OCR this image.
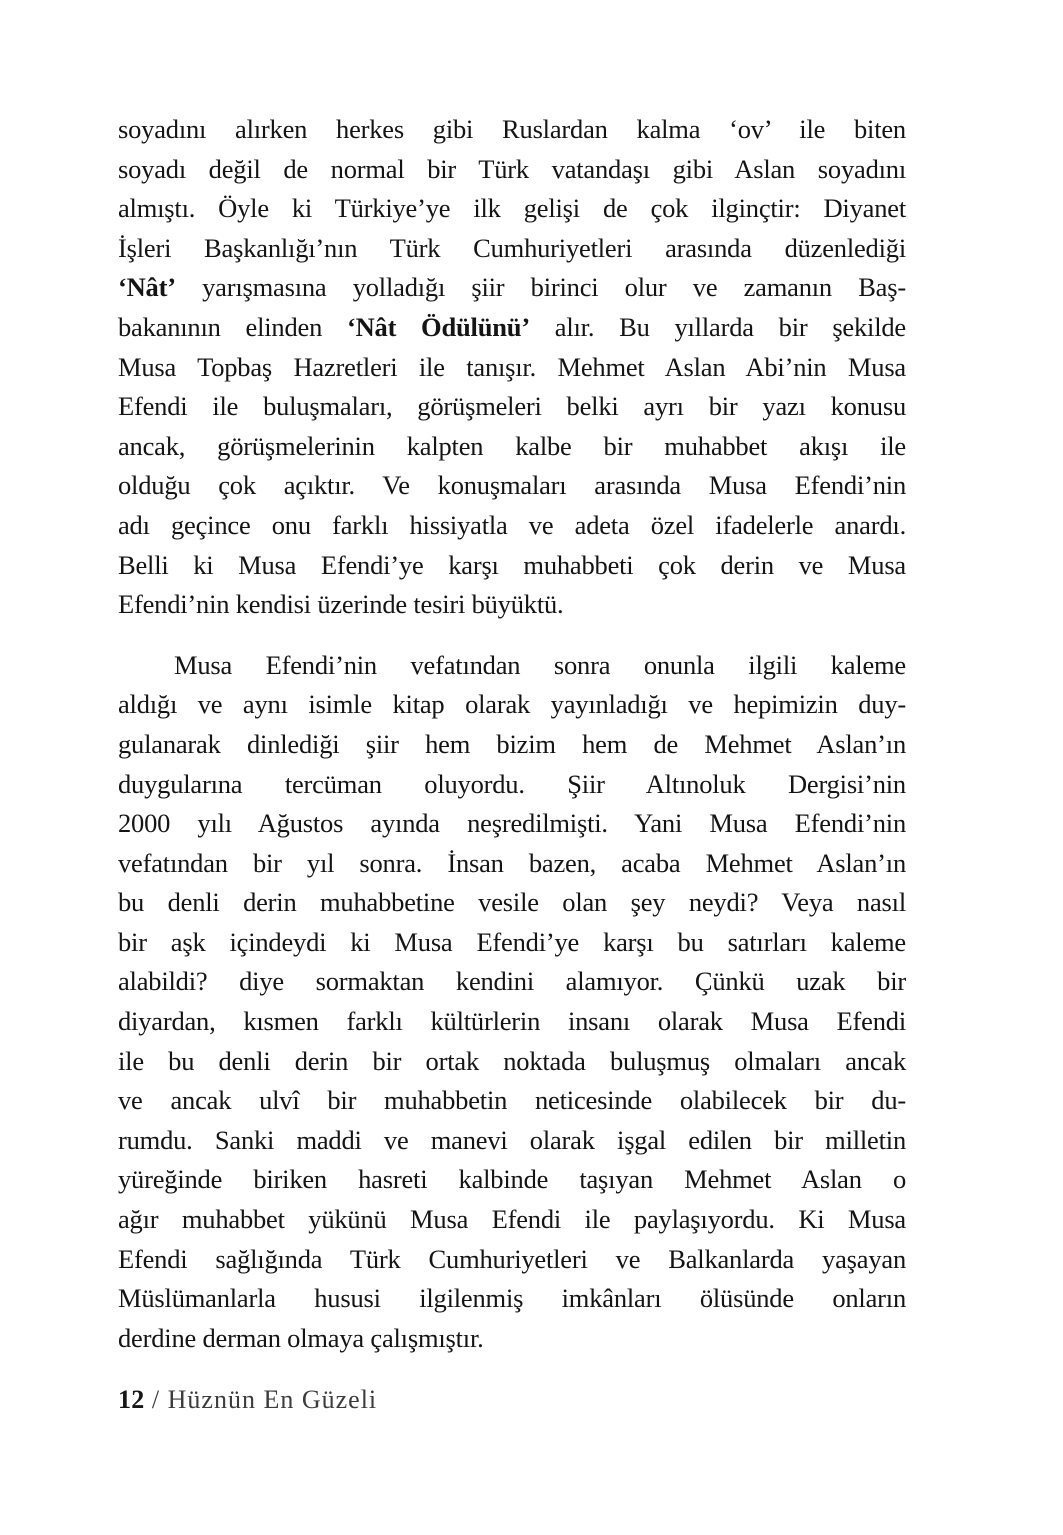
soyadını alırken herkes gibi Ruslardan kalma ‘ov’ ile biten
soyadı değil de normal bir Türk vatandaşı gibi Aslan soyadını
almıştı. Öyle ki Türkiye’ye ilk gelişi de çok ilginçtir: Diyanet
İşleri Başkanlığı’nın Türk Cumhuriyetleri arasında düzenlediği
‘Nât’ yarışmasına yolladığı şiir birinci olur ve zamanın Baş-
bakanının elinden ‘Nât Ödülünü’ alır. Bu yıllarda bir şekilde
Musa Topbaş Hazretleri ile tanışır. Mehmet Aslan Abi’nin Musa
Efendi ile buluşmaları, görüşmeleri belki ayrı bir yazı konusu
ancak, görüşmelerinin kalpten kalbe bir muhabbet akışı ile
olduğu çok açıktır. Ve konuşmaları arasında Musa Efendi’nin
adı geçince onu farklı hissiyatla ve adeta özel ifadelerle anardı.
Belli ki Musa Efendi’ye karşı muhabbeti çok derin ve Musa
Efendi’nin kendisi üzerinde tesiri büyüktü.
Musa Efendi’nin vefatından sonra onunla ilgili kaleme
aldığı ve aynı isimle kitap olarak yayınladığı ve hepimizin duy-
gulanarak dinlediği şiir hem bizim hem de Mehmet Aslan’ın
duygularına tercüman oluyordu. Şiir Altınoluk Dergisi’nin
2000 yılı Ağustos ayında neşredilmişti. Yani Musa Efendi’nin
vefatından bir yıl sonra. İnsan bazen, acaba Mehmet Aslan’ın
bu denli derin muhabbetine vesile olan şey neydi? Veya nasıl
bir aşk içindeydi ki Musa Efendi’ye karşı bu satırları kaleme
alabildi? diye sormaktan kendini alamıyor. Çünkü uzak bir
diyardan, kısmen farklı kültürlerin insanı olarak Musa Efendi
ile bu denli derin bir ortak noktada buluşmuş olmaları ancak
ve ancak ulvî bir muhabbetin neticesinde olabilecek bir du-
rumdu. Sanki maddi ve manevi olarak işgal edilen bir milletin
yüreğinde biriken hasreti kalbinde taşıyan Mehmet Aslan o
ağır muhabbet yükünü Musa Efendi ile paylaşıyordu. Ki Musa
Efendi sağlığında Türk Cumhuriyetleri ve Balkanlarda yaşayan
Müslümanlarla hususi ilgilenmiş imkânları ölüsünde onların
derdine derman olmaya çalışmıştır.
12 / Hüznün En Güzeli
